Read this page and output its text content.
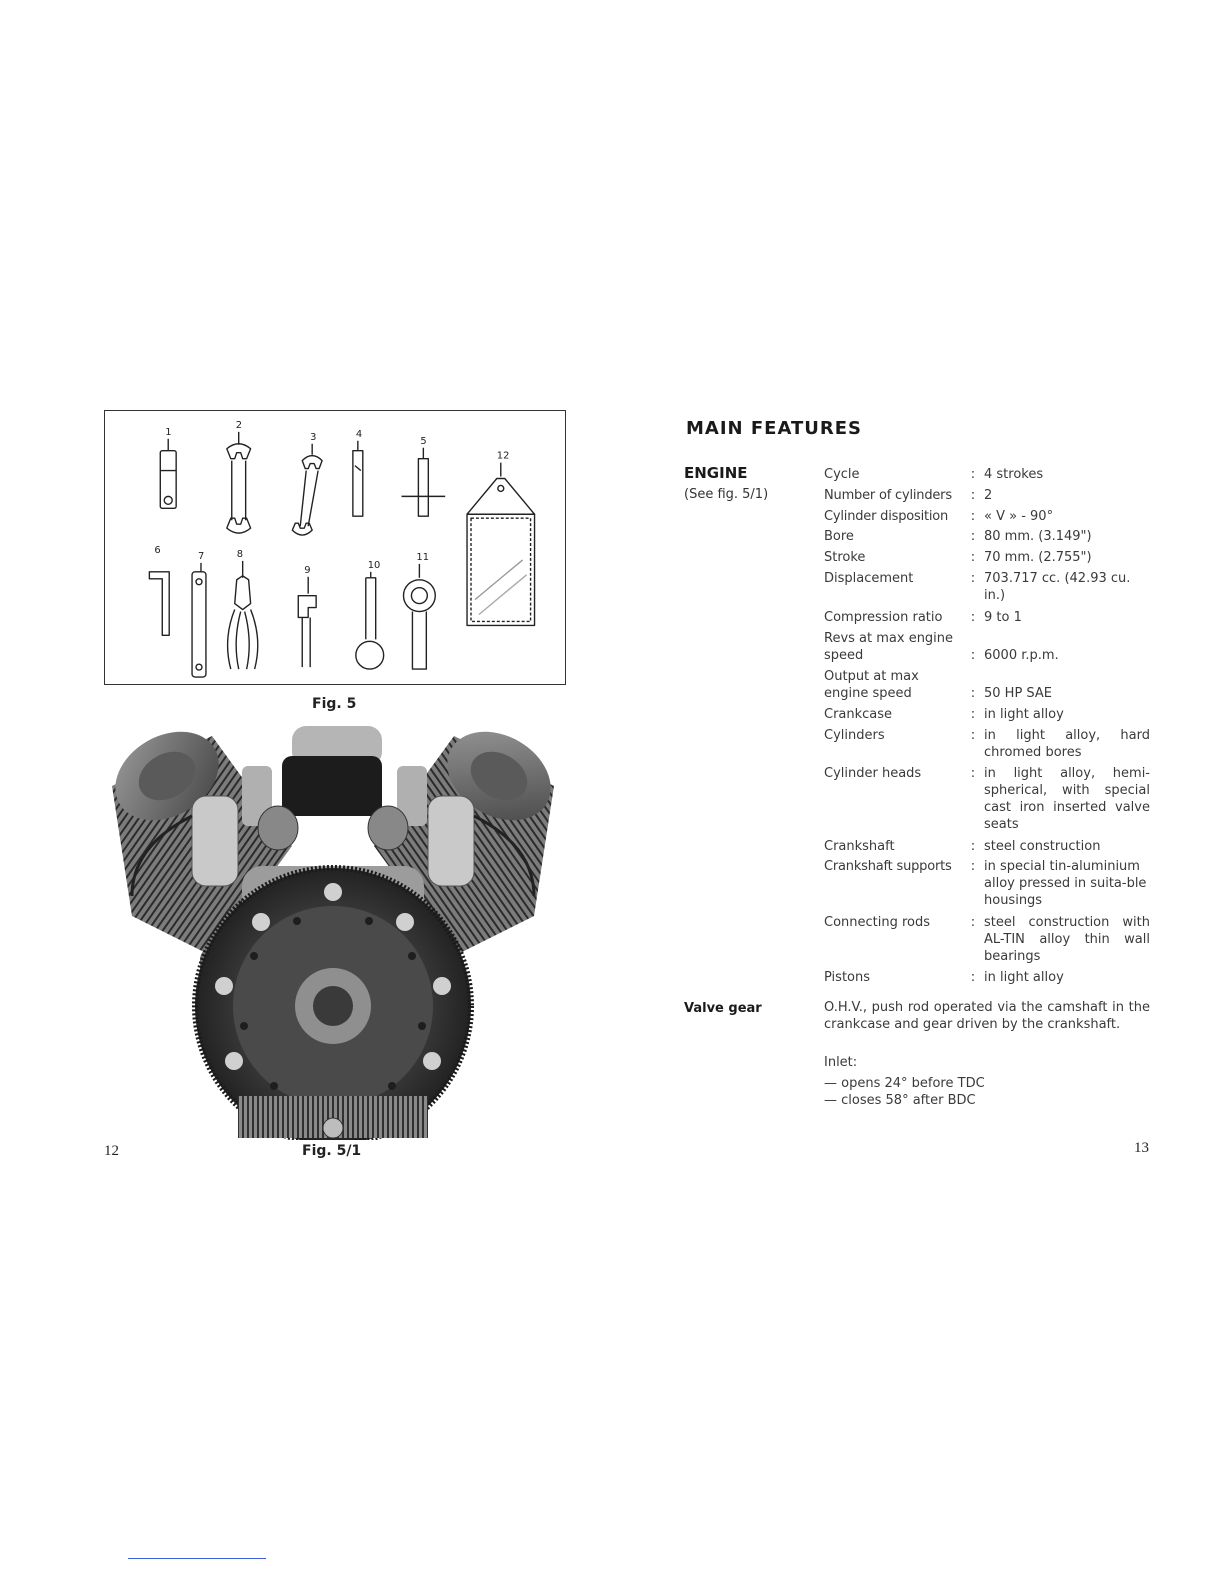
1
2
3	4
5
6
7	8
9	10
11
12
Fig. 5
Fig. 5/1
12
MAIN FEATURES
ENGINE
(See fig. 5/1)
Cycle	: 4 strokes
Number of cylinders	: 2
Cylinder disposition	: « V » - 90°
Bore	: 80 mm. (3.149")
Stroke	: 70 mm. (2.755")
Displacement	: 703.717 cc. (42.93 cu. in.)
Compression ratio	: 9 to 1
Revs at max engine speed	: 6000 r.p.m.
Output at max engine speed	: 50 HP SAE
Crankcase	: in light alloy
Cylinders	: in light alloy, hard chromed bores
Cylinder heads	: in light alloy, hemi-spherical, with special cast iron inserted valve seats
Crankshaft	: steel construction
Crankshaft supports	: in special tin-aluminium alloy pressed in suita-ble housings
Connecting rods	: steel construction with AL-TIN alloy thin wall bearings
Pistons	: in light alloy
Valve gear	O.H.V., push rod operated via the camshaft in the crankcase and gear driven by the crankshaft.
Inlet:
— opens 24° before TDC
— closes 58° after BDC
13
